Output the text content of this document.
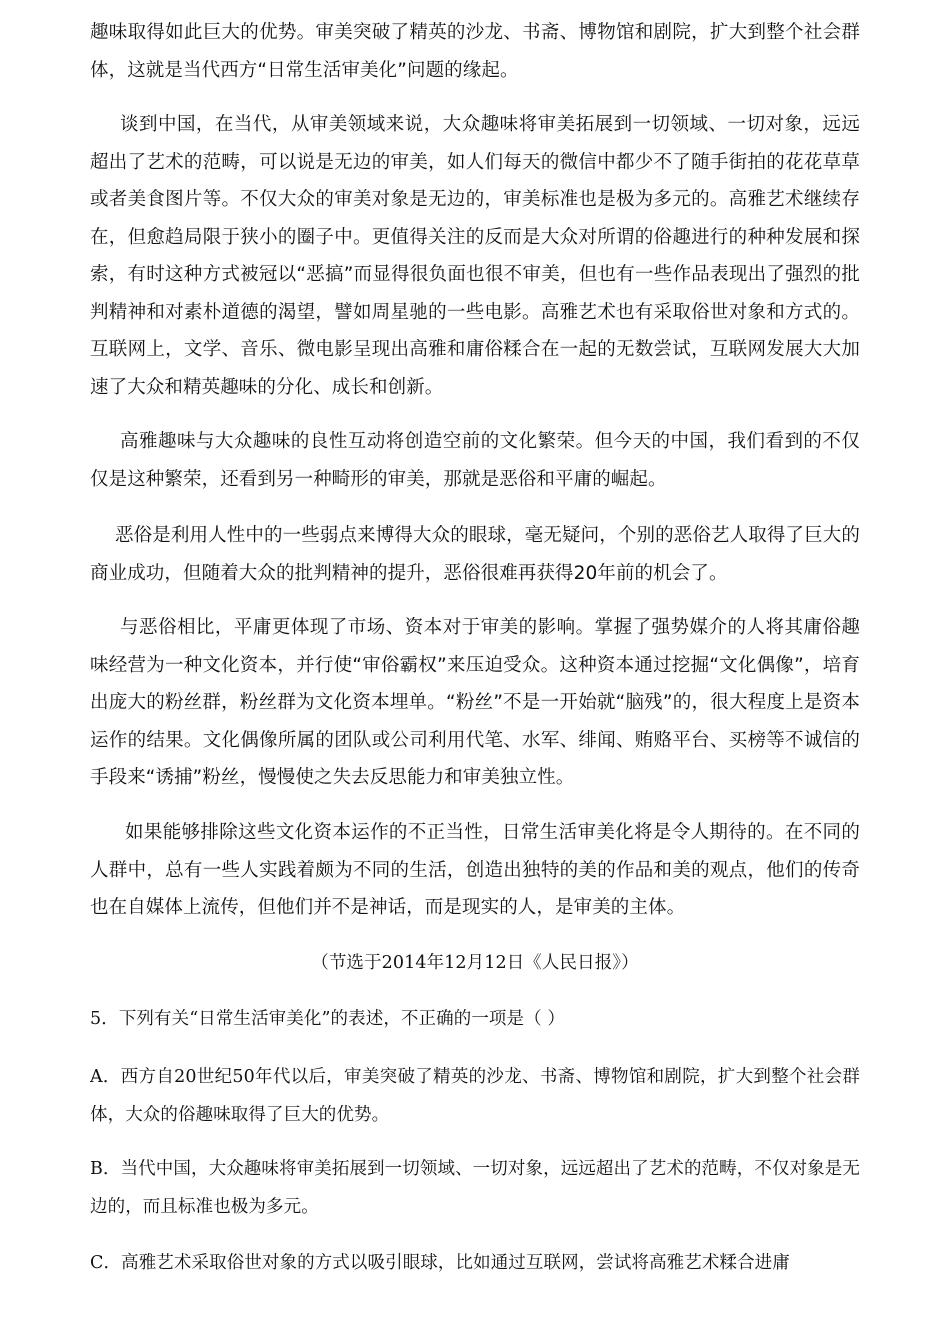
趣味取得如此巨大的优势。审美突破了精英的沙龙、书斋、博物馆和剧院，扩大到整个社会群体，这就是当代西方“日常生活审美化”问题的缘起。

谈到中国，在当代，从审美领域来说，大众趣味将审美拓展到一切领域、一切对象，远远超出了艺术的范畴，可以说是无边的审美，如人们每天的微信中都少不了随手街拍的花花草草或者美食图片等。不仅大众的审美对象是无边的，审美标准也是极为多元的。高雅艺术继续存在，但愈趋局限于狭小的圈子中。更值得关注的反而是大众对所谓的俗趣进行的种种发展和探索，有时这种方式被冠以“恶搞”而显得很负面也很不审美，但也有一些作品表现出了强烈的批判精神和对素朴道德的渴望，譬如周星驰的一些电影。高雅艺术也有采取俗世对象和方式的。互联网上，文学、音乐、微电影呈现出高雅和庸俗糅合在一起的无数尝试，互联网发展大大加速了大众和精英趣味的分化、成长和创新。

高雅趣味与大众趣味的良性互动将创造空前的文化繁荣。但今天的中国，我们看到的不仅仅是这种繁荣，还看到另一种畸形的审美，那就是恶俗和平庸的崛起。

恶俗是利用人性中的一些弱点来博得大众的眼球，毫无疑问，个别的恶俗艺人取得了巨大的商业成功，但随着大众的批判精神的提升，恶俗很难再获得20年前的机会了。

与恶俗相比，平庸更体现了市场、资本对于审美的影响。掌握了强势媒介的人将其庸俗趣味经营为一种文化资本，并行使“审俗霸权”来压迫受众。这种资本通过挖掘“文化偶像”，培育出庞大的粉丝群，粉丝群为文化资本埋单。“粉丝”不是一开始就“脑残”的，很大程度上是资本运作的结果。文化偶像所属的团队或公司利用代笔、水军、绯闻、贿赂平台、买榜等不诚信的手段来“诱捕”粉丝，慢慢使之失去反思能力和审美独立性。

如果能够排除这些文化资本运作的不正当性，日常生活审美化将是令人期待的。在不同的人群中，总有一些人实践着颇为不同的生活，创造出独特的美的作品和美的观点，他们的传奇也在自媒体上流传，但他们并不是神话，而是现实的人，是审美的主体。

（节选于2014年12月12日《人民日报》）

5．下列有关“日常生活审美化”的表述，不正确的一项是（ ）

A．西方自20世纪50年代以后，审美突破了精英的沙龙、书斋、博物馆和剧院，扩大到整个社会群体，大众的俗趣味取得了巨大的优势。

B．当代中国，大众趣味将审美拓展到一切领域、一切对象，远远超出了艺术的范畴，不仅对象是无边的，而且标准也极为多元。

C．高雅艺术采取俗世对象的方式以吸引眼球，比如通过互联网，尝试将高雅艺术糅合进庸
